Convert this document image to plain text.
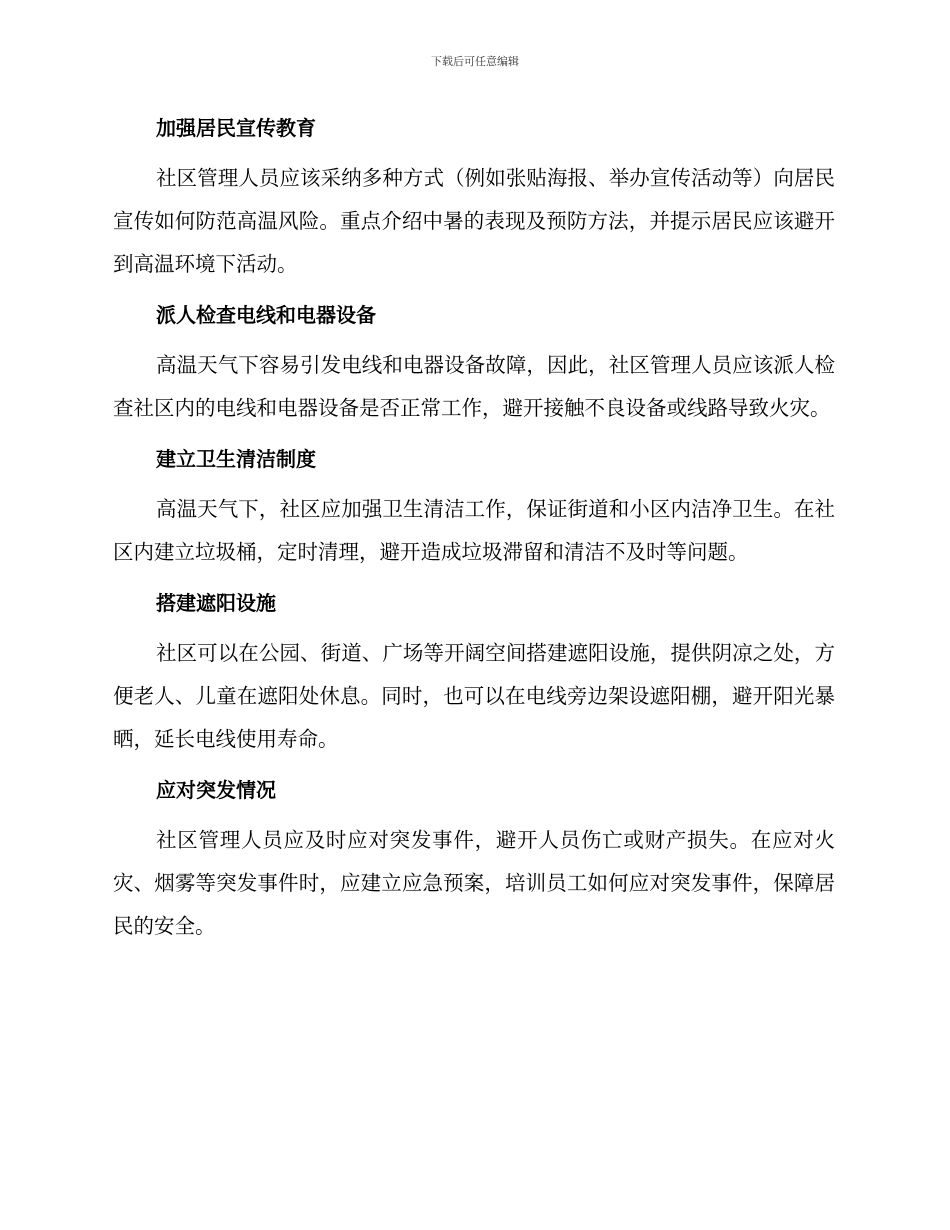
下载后可任意编辑

加强居民宣传教育

社区管理人员应该采纳多种方式（例如张贴海报、举办宣传活动等）向居民宣传如何防范高温风险。重点介绍中暑的表现及预防方法，并提示居民应该避开到高温环境下活动。

派人检查电线和电器设备

高温天气下容易引发电线和电器设备故障，因此，社区管理人员应该派人检查社区内的电线和电器设备是否正常工作，避开接触不良设备或线路导致火灾。

建立卫生清洁制度

高温天气下，社区应加强卫生清洁工作，保证街道和小区内洁净卫生。在社区内建立垃圾桶，定时清理，避开造成垃圾滞留和清洁不及时等问题。

搭建遮阳设施

社区可以在公园、街道、广场等开阔空间搭建遮阳设施，提供阴凉之处，方便老人、儿童在遮阳处休息。同时，也可以在电线旁边架设遮阳棚，避开阳光暴晒，延长电线使用寿命。

应对突发情况

社区管理人员应及时应对突发事件，避开人员伤亡或财产损失。在应对火灾、烟雾等突发事件时，应建立应急预案，培训员工如何应对突发事件，保障居民的安全。
